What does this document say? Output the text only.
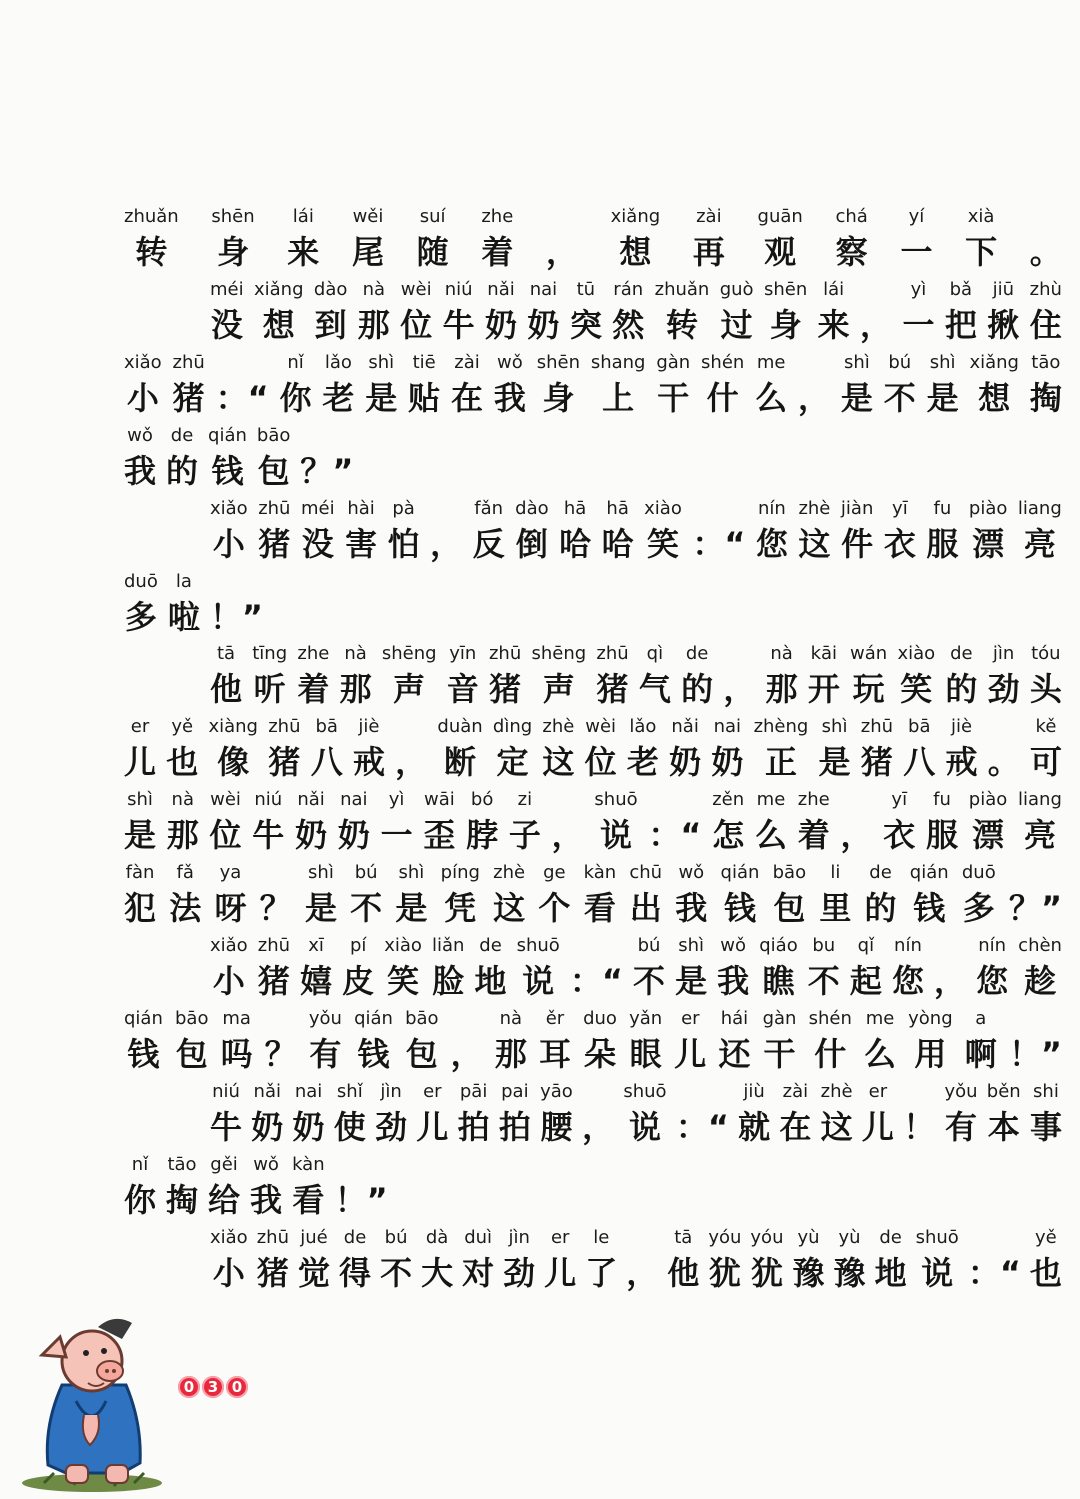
zhuǎn
转
shēn
身
lái
来
wěi
尾
suí
随
zhe
着 ，
xiǎng
想
zài
再
guān
观
chá
察
yí
一
xià
下 。
méi
没
xiǎng
想
dào
到
nà
那
wèi
位
niú
牛
nǎi
奶
nai
奶
tū
突
rán
然
zhuǎn
转
guò
过
shēn
身
lái
来 ，
yì
一
bǎ
把
jiū
揪
zhù
住
xiǎo
小
zhū
猪 ：“
nǐ
你
lǎo
老
shì
是
tiē
贴
zài
在
wǒ
我
shēn
身
shang
上
gàn
干
shén
什
me
么 ，
shì
是
bú
不
shì
是
xiǎng
想
tāo
掏
wǒ
我
de
的
qián
钱
bāo
包 ？”
xiǎo
小
zhū
猪
méi
没
hài
害
pà
怕 ，
fǎn
反
dào
倒
hā
哈
hā
哈
xiào
笑 ：“
nín
您
zhè
这
jiàn
件
yī
衣
fu
服
piào
漂
liang
亮
duō
多
la
啦 ！”
tā
他
tīng
听
zhe
着
nà
那
shēng
声
yīn
音
zhū
猪
shēng
声
zhū
猪
qì
气
de
的 ，
nà
那
kāi
开
wán
玩
xiào
笑
de
的
jìn
劲
tóu
头
er
儿
yě
也
xiàng
像
zhū
猪
bā
八
jiè
戒 ，
duàn
断
dìng
定
zhè
这
wèi
位
lǎo
老
nǎi
奶
nai
奶
zhèng
正
shì
是
zhū
猪
bā
八
jiè
戒 。
kě
可
shì
是
nà
那
wèi
位
niú
牛
nǎi
奶
nai
奶
yì
一
wāi
歪
bó
脖
zi
子 ，
shuō
说 ：“
zěn
怎
me
么
zhe
着 ，
yī
衣
fu
服
piào
漂
liang
亮
fàn
犯
fǎ
法
ya
呀 ？
shì
是
bú
不
shì
是
píng
凭
zhè
这
ge
个
kàn
看
chū
出
wǒ
我
qián
钱
bāo
包
li
里
de
的
qián
钱
duō
多 ？”
xiǎo
小
zhū
猪
xī
嬉
pí
皮
xiào
笑
liǎn
脸
de
地
shuō
说 ：“
bú
不
shì
是
wǒ
我
qiáo
瞧
bu
不
qǐ
起
nín
您 ，
nín
您
chèn
趁
qián
钱
bāo
包
ma
吗 ？
yǒu
有
qián
钱
bāo
包 ，
nà
那
ěr
耳
duo
朵
yǎn
眼
er
儿
hái
还
gàn
干
shén
什
me
么
yòng
用
a
啊 ！”
niú
牛
nǎi
奶
nai
奶
shǐ
使
jìn
劲
er
儿
pāi
拍
pai
拍
yāo
腰 ，
shuō
说 ：“
jiù
就
zài
在
zhè
这
er
儿 ！
yǒu
有
běn
本
shi
事
nǐ
你
tāo
掏
gěi
给
wǒ
我
kàn
看 ！”
xiǎo
小
zhū
猪
jué
觉
de
得
bú
不
dà
大
duì
对
jìn
劲
er
儿
le
了 ，
tā
他
yóu
犹
yóu
犹
yù
豫
yù
豫
de
地
shuō
说 ：“
yě
也
0 3 0
